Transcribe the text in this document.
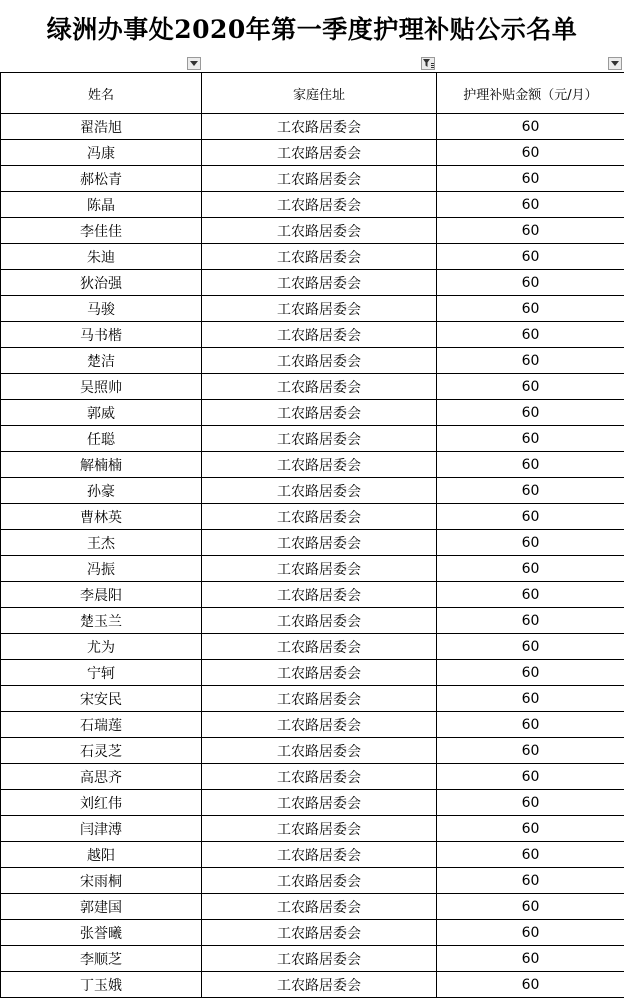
绿洲办事处2020年第一季度护理补贴公示名单
姓名	家庭住址	护理补贴金额（元/月）
翟浩旭	工农路居委会	60
冯康	工农路居委会	60
郝松青	工农路居委会	60
陈晶	工农路居委会	60
李佳佳	工农路居委会	60
朱迪	工农路居委会	60
狄治强	工农路居委会	60
马骏	工农路居委会	60
马书楷	工农路居委会	60
楚洁	工农路居委会	60
吴照帅	工农路居委会	60
郭威	工农路居委会	60
任聪	工农路居委会	60
解楠楠	工农路居委会	60
孙豪	工农路居委会	60
曹林英	工农路居委会	60
王杰	工农路居委会	60
冯振	工农路居委会	60
李晨阳	工农路居委会	60
楚玉兰	工农路居委会	60
尤为	工农路居委会	60
宁轲	工农路居委会	60
宋安民	工农路居委会	60
石瑞莲	工农路居委会	60
石灵芝	工农路居委会	60
高思齐	工农路居委会	60
刘红伟	工农路居委会	60
闫津溥	工农路居委会	60
越阳	工农路居委会	60
宋雨桐	工农路居委会	60
郭建国	工农路居委会	60
张誉曦	工农路居委会	60
李顺芝	工农路居委会	60
丁玉娥	工农路居委会	60
